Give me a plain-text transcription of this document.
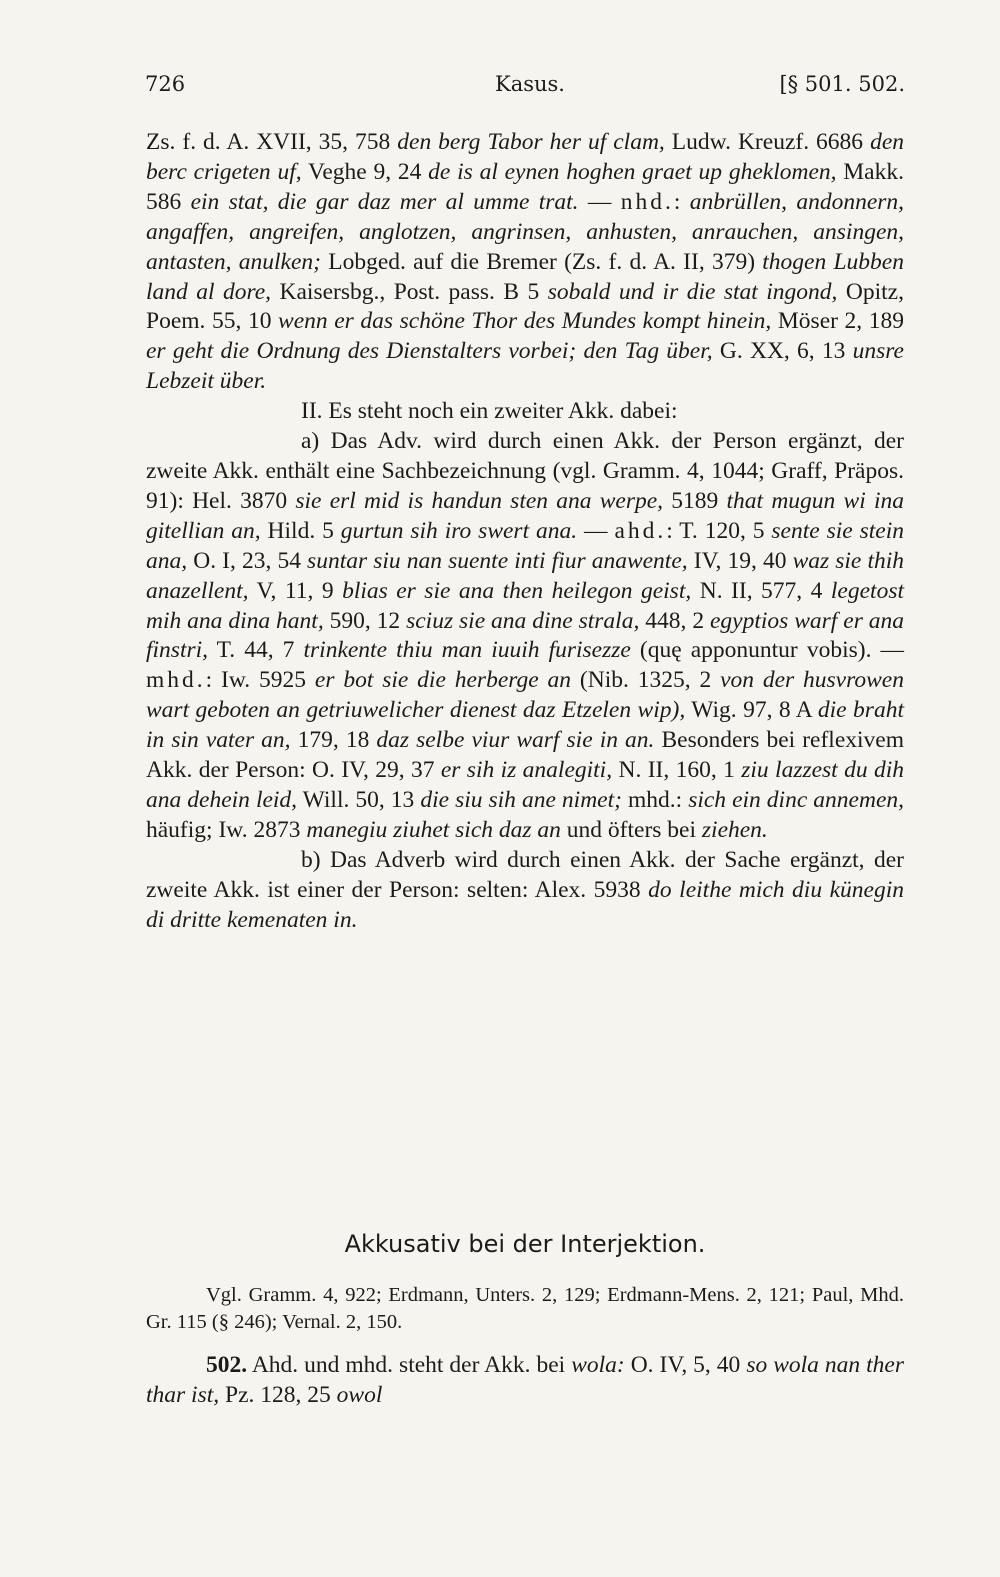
726	Kasus.	[§ 501. 502.

Zs. f. d. A. XVII, 35, 758 den berg Tabor her uf clam, Ludw. Kreuzf. 6686 den berc crigeten uf, Veghe 9, 24 de is al eynen hoghen graet up gheklomen, Makk. 586 ein stat, die gar daz mer al umme trat. — nhd.: anbrüllen, andonnern, angaffen, angreifen, anglotzen, angrinsen, anhusten, anrauchen, ansingen, antasten, anulken; Lobged. auf die Bremer (Zs. f. d. A. II, 379) thogen Lubben land al dore, Kaisersbg., Post. pass. B 5 sobald und ir die stat ingond, Opitz, Poem. 55, 10 wenn er das schöne Thor des Mundes kompt hinein, Möser 2, 189 er geht die Ordnung des Dienstalters vorbei; den Tag über, G. XX, 6, 13 unsre Lebzeit über.

II. Es steht noch ein zweiter Akk. dabei:

a) Das Adv. wird durch einen Akk. der Person ergänzt, der zweite Akk. enthält eine Sachbezeichnung (vgl. Gramm. 4, 1044; Graff, Präpos. 91): Hel. 3870 sie erl mid is handun sten ana werpe, 5189 that mugun wi ina gitellian an, Hild. 5 gurtun sih iro swert ana. — ahd.: T. 120, 5 sente sie stein ana, O. I, 23, 54 suntar siu nan suente inti fiur anawente, IV, 19, 40 waz sie thih anazellent, V, 11, 9 blias er sie ana then heilegon geist, N. II, 577, 4 legetost mih ana dina hant, 590, 12 sciuz sie ana dine strala, 448, 2 egyptios warf er ana finstri, T. 44, 7 trinkente thiu man iuuih furisezze (quę apponuntur vobis). — mhd.: Iw. 5925 er bot sie die herberge an (Nib. 1325, 2 von der husvrowen wart geboten an getriuwelicher dienest daz Etzelen wip), Wig. 97, 8 A die braht in sin vater an, 179, 18 daz selbe viur warf sie in an. Besonders bei reflexivem Akk. der Person: O. IV, 29, 37 er sih iz analegiti, N. II, 160, 1 ziu lazzest du dih ana dehein leid, Will. 50, 13 die siu sih ane nimet; mhd.: sich ein dinc annemen, häufig; Iw. 2873 manegiu ziuhet sich daz an und öfters bei ziehen.

b) Das Adverb wird durch einen Akk. der Sache ergänzt, der zweite Akk. ist einer der Person: selten: Alex. 5938 do leithe mich diu künegin di dritte kemenaten in.

Akkusativ bei der Interjektion.

Vgl. Gramm. 4, 922; Erdmann, Unters. 2, 129; Erdmann-Mens. 2, 121; Paul, Mhd. Gr. 115 (§ 246); Vernal. 2, 150.

502. Ahd. und mhd. steht der Akk. bei wola: O. IV, 5, 40 so wola nan ther thar ist, Pz. 128, 25 owol
